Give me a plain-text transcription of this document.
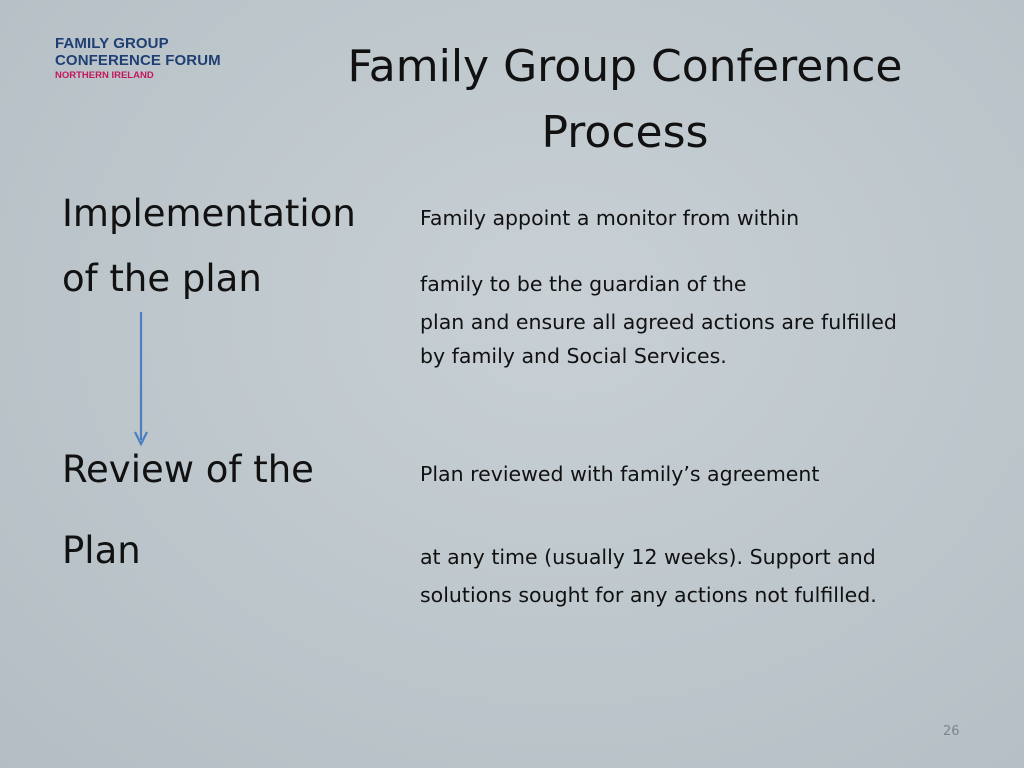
FAMILY GROUP
CONFERENCE FORUM
NORTHERN IRELAND	Family Group Conference
Process
Implementation
of the plan
Family appoint a monitor from within
family to be the guardian of the
plan and ensure all agreed actions are fulfilled
by family and Social Services.
Review of the
Plan
Plan reviewed with family’s agreement
at any time (usually 12 weeks). Support and
solutions sought for any actions not fulfilled.
26
